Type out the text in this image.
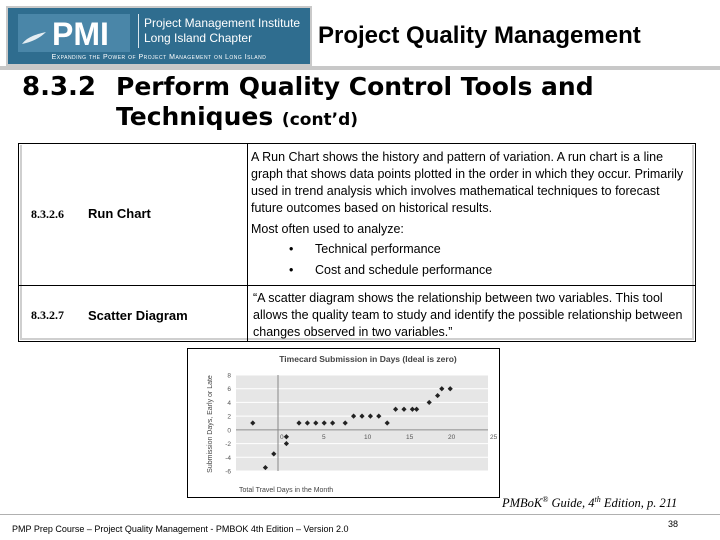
PMI	Project Management Institute
Long Island Chapter
Expanding the Power of Project Management on Long Island
Project Quality Management
8.3.2 Perform Quality Control Tools and
Techniques (cont’d)
8.3.2.6 Run Chart
A Run Chart shows the history and pattern of variation. A run chart is a line graph that shows data points plotted in the order in which they occur. Primarily used in trend analysis which involves mathematical techniques to forecast future outcomes based on historical results.
Most often used to analyze:
• Technical performance
• Cost and schedule performance
8.3.2.7 Scatter Diagram
“A scatter diagram shows the relationship between two variables. This tool allows the quality team to study and identify the possible relationship between changes observed in two variables.”
-6
-4
-2
0
2
4
6
8
0	5	10	15	20	25
Timecard Submission in Days (Ideal is zero)
Total Travel Days in the Month
Submission Days, Early or Late
PMBoK® Guide, 4th Edition, p. 211
PMP Prep Course – Project Quality Management - PMBOK 4th Edition – Version 2.0	38
